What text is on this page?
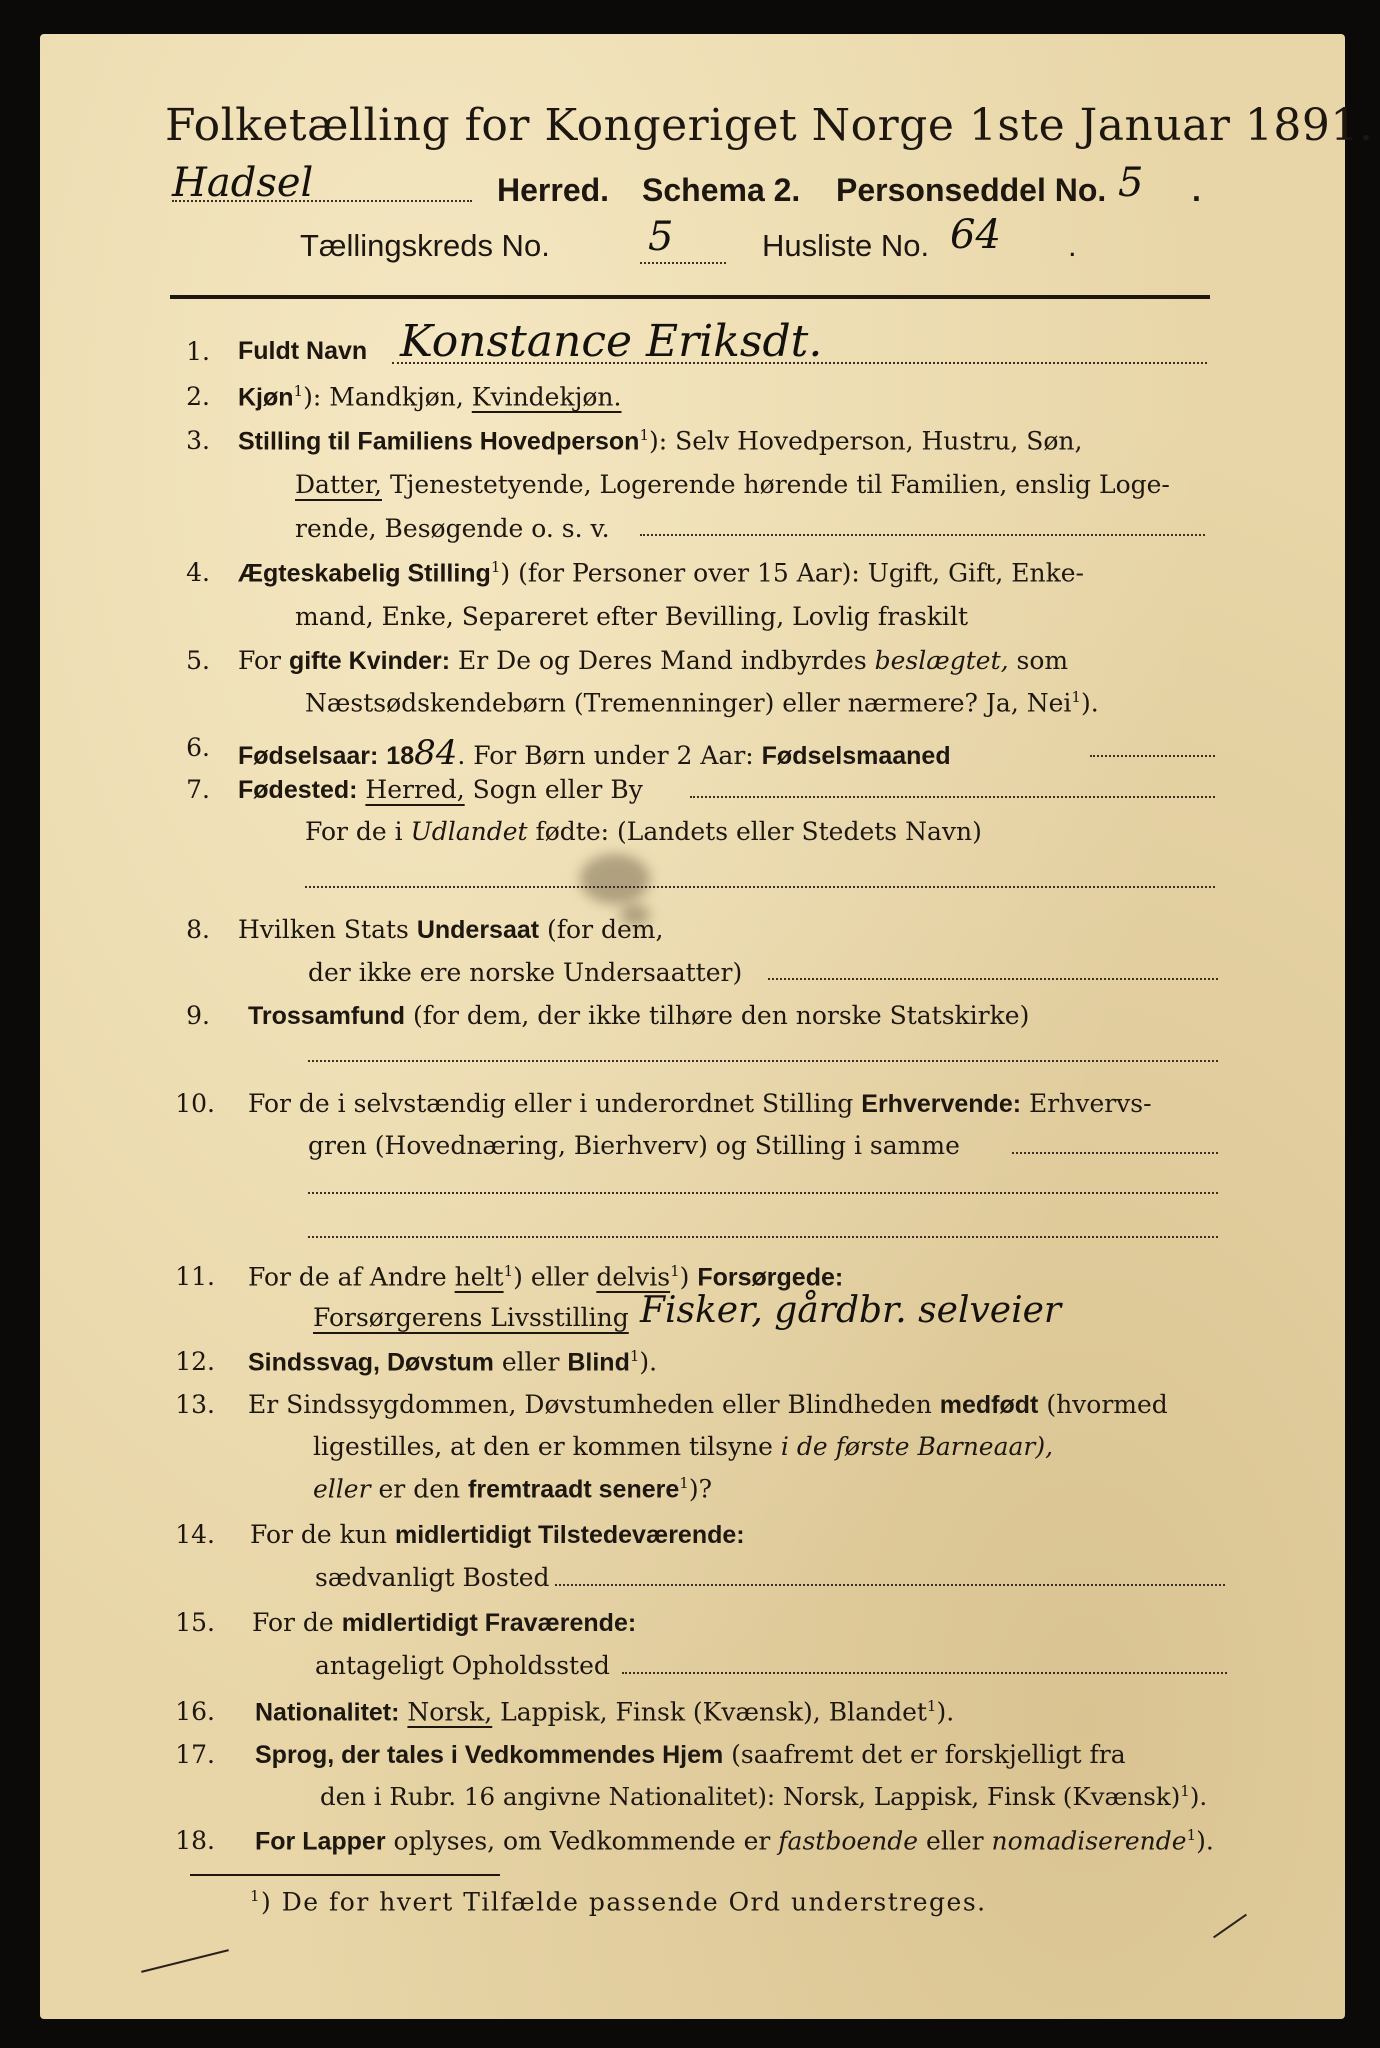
Folketælling for Kongeriget Norge 1ste Januar 1891.
Hadsel	Herred. Schema 2. Personseddel No. 5 .
Tællingskreds No. 5	Husliste No. 64 .
1. Fuldt Navn Konstance Eriksdt.
2. Kjøn$^1$): Mandkjøn, Kvindekjøn.
3. Stilling til Familiens Hovedperson$^1$): Selv Hovedperson, Hustru, Søn,
Datter, Tjenestetyende, Logerende hørende til Familien, enslig Loge-
rende, Besøgende o. s. v.
4. Ægteskabelig Stilling$^1$) (for Personer over 15 Aar): Ugift, Gift, Enke-
mand, Enke, Separeret efter Bevilling, Lovlig fraskilt
5. For gifte Kvinder: Er De og Deres Mand indbyrdes beslægtet, som
Næstsødskendebørn (Tremenninger) eller nærmere? Ja, Nei$^1$).
6. Fødselsaar: 1884. For Børn under 2 Aar: Fødselsmaaned
7. Fødested: Herred, Sogn eller By
For de i Udlandet fødte: (Landets eller Stedets Navn)
8. Hvilken Stats Undersaat (for dem,
der ikke ere norske Undersaatter)
9. Trossamfund (for dem, der ikke tilhøre den norske Statskirke)
10. For de i selvstændig eller i underordnet Stilling Erhvervende: Erhvervs-
gren (Hovednæring, Bierhverv) og Stilling i samme
11. For de af Andre helt$^1$) eller delvis$^1$) Forsørgede:
Forsørgerens Livsstilling Fisker, gårdbr. selveier
12. Sindssvag, Døvstum eller Blind$^1$).
13. Er Sindssygdommen, Døvstumheden eller Blindheden medfødt (hvormed
ligestilles, at den er kommen tilsyne i de første Barneaar),
eller er den fremtraadt senere$^1$)?
14. For de kun midlertidigt Tilstedeværende:
sædvanligt Bosted
15. For de midlertidigt Fraværende:
antageligt Opholdssted
16. Nationalitet: Norsk, Lappisk, Finsk (Kvænsk), Blandet$^1$).
17. Sprog, der tales i Vedkommendes Hjem (saafremt det er forskjelligt fra
den i Rubr. 16 angivne Nationalitet): Norsk, Lappisk, Finsk (Kvænsk)$^1$).
18. For Lapper oplyses, om Vedkommende er fastboende eller nomadiserende$^1$).
$^1$) De for hvert Tilfælde passende Ord understreges.
